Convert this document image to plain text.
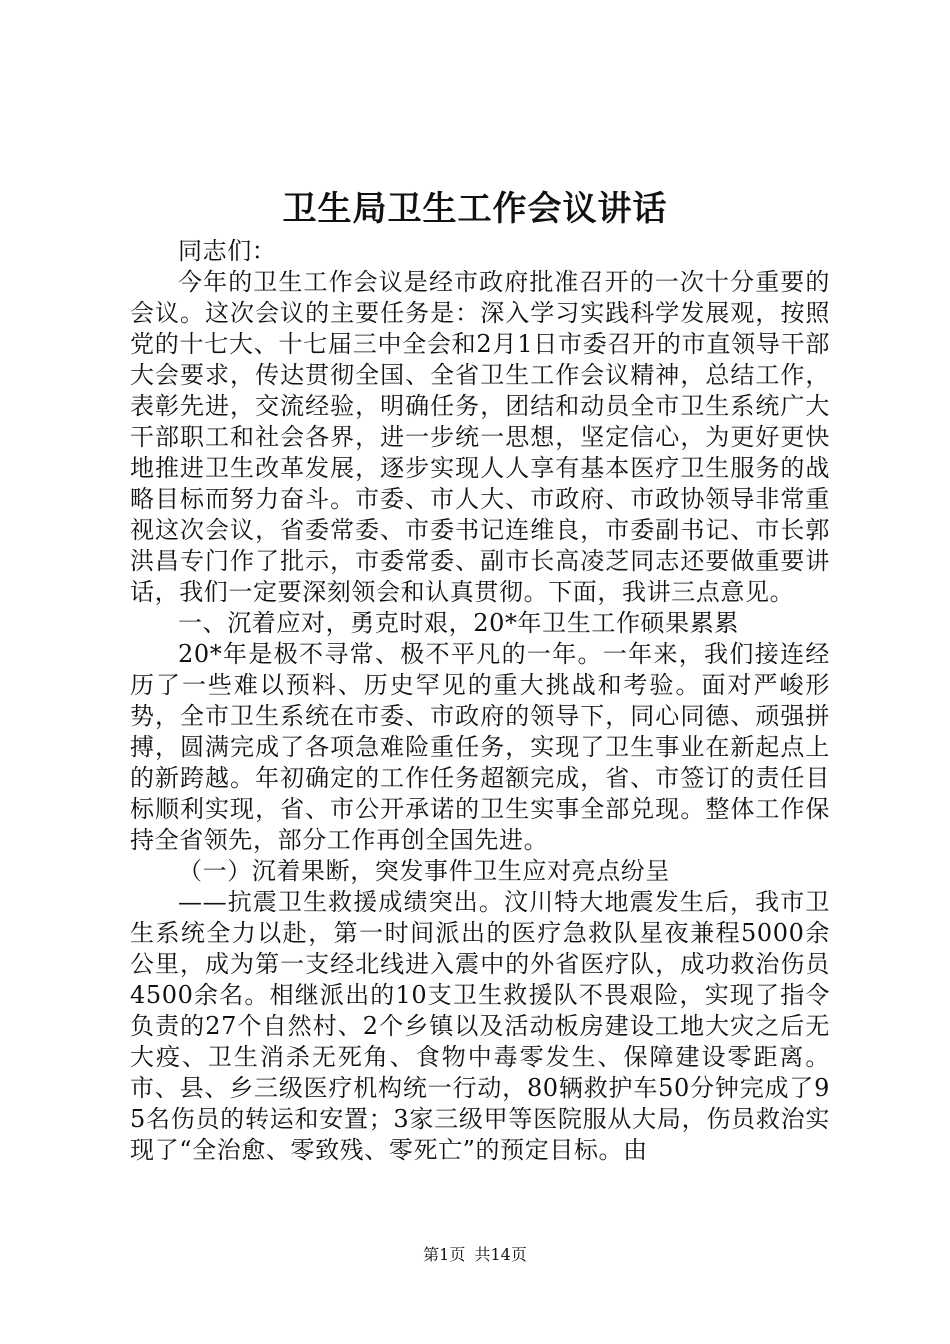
卫生局卫生工作会议讲话

同志们：

今年的卫生工作会议是经市政府批准召开的一次十分重要的会议。这次会议的主要任务是：深入学习实践科学发展观，按照党的十七大、十七届三中全会和2月1日市委召开的市直领导干部大会要求，传达贯彻全国、全省卫生工作会议精神，总结工作，表彰先进，交流经验，明确任务，团结和动员全市卫生系统广大干部职工和社会各界，进一步统一思想，坚定信心，为更好更快地推进卫生改革发展，逐步实现人人享有基本医疗卫生服务的战略目标而努力奋斗。市委、市人大、市政府、市政协领导非常重视这次会议，省委常委、市委书记连维良，市委副书记、市长郭洪昌专门作了批示，市委常委、副市长高凌芝同志还要做重要讲话，我们一定要深刻领会和认真贯彻。下面，我讲三点意见。

一、沉着应对，勇克时艰，20*年卫生工作硕果累累

20*年是极不寻常、极不平凡的一年。一年来，我们接连经历了一些难以预料、历史罕见的重大挑战和考验。面对严峻形势，全市卫生系统在市委、市政府的领导下，同心同德、顽强拼搏，圆满完成了各项急难险重任务，实现了卫生事业在新起点上的新跨越。年初确定的工作任务超额完成，省、市签订的责任目标顺利实现，省、市公开承诺的卫生实事全部兑现。整体工作保持全省领先，部分工作再创全国先进。

（一）沉着果断，突发事件卫生应对亮点纷呈

——抗震卫生救援成绩突出。汶川特大地震发生后，我市卫生系统全力以赴，第一时间派出的医疗急救队星夜兼程5000余公里，成为第一支经北线进入震中的外省医疗队，成功救治伤员4500余名。相继派出的10支卫生救援队不畏艰险，实现了指令负责的27个自然村、2个乡镇以及活动板房建设工地大灾之后无大疫、卫生消杀无死角、食物中毒零发生、保障建设零距离。市、县、乡三级医疗机构统一行动，80辆救护车50分钟完成了95名伤员的转运和安置；3家三级甲等医院服从大局，伤员救治实现了“全治愈、零致残、零死亡”的预定目标。由

第1页 共14页
